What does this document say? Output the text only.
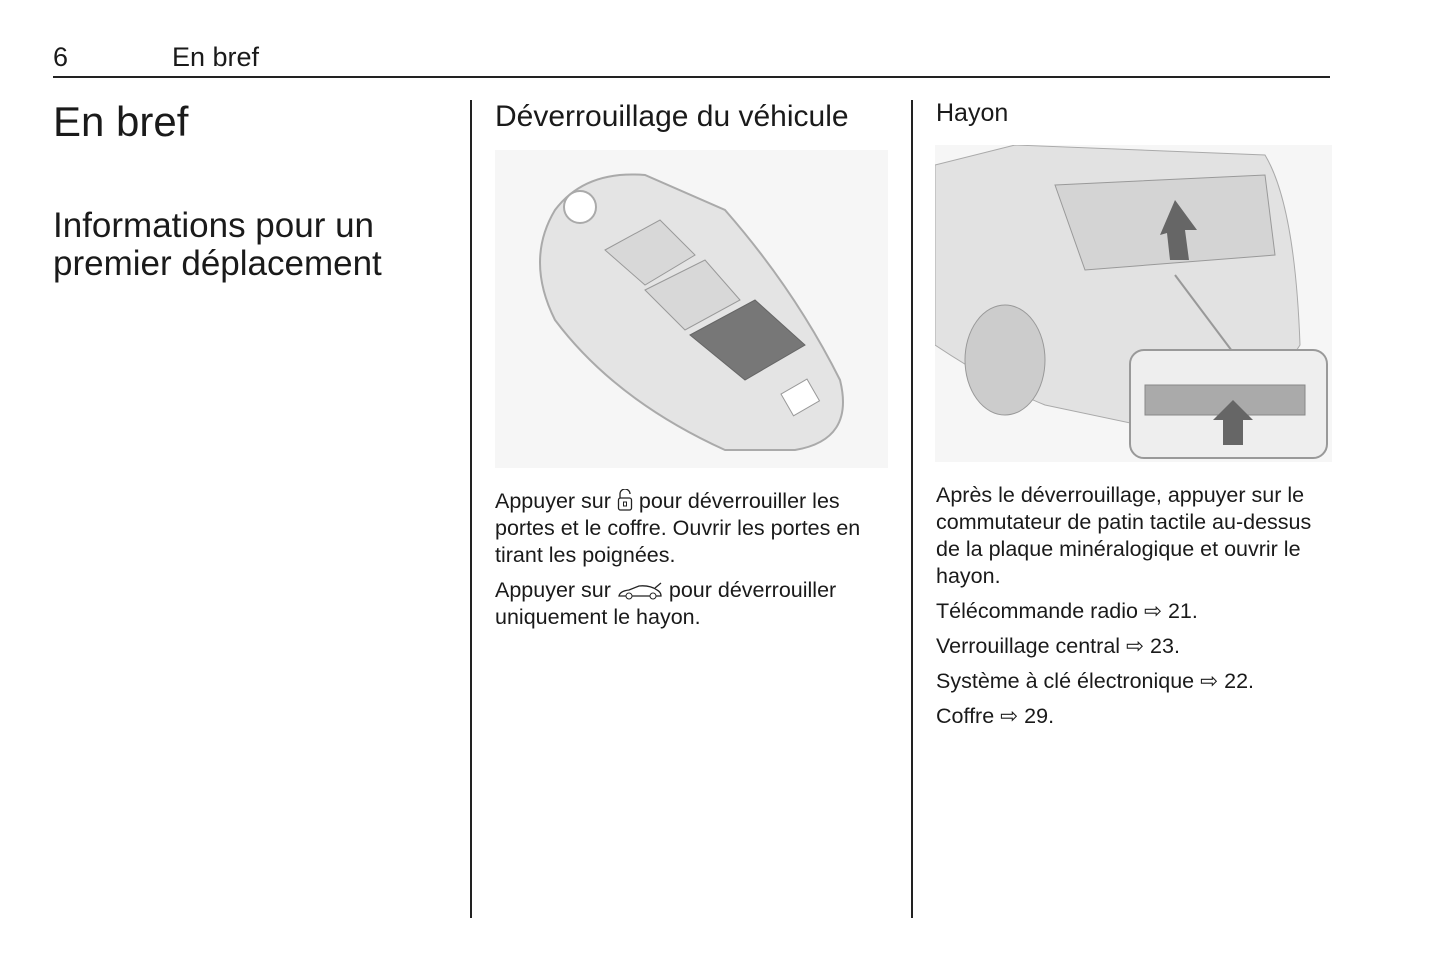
6	En bref
En bref
Informations pour un premier déplacement
Déverrouillage du véhicule

Appuyer sur pour déverrouiller les portes et le coffre. Ouvrir les portes en tirant les poignées.

Appuyer sur	pour déverrouiller uniquement le hayon.

Hayon

Après le déverrouillage, appuyer sur le commutateur de patin tactile au-dessus de la plaque minéralogique et ouvrir le hayon.

Télécommande radio ⇨ 21.

Verrouillage central ⇨ 23.

Système à clé électronique ⇨ 22.

Coffre ⇨ 29.
